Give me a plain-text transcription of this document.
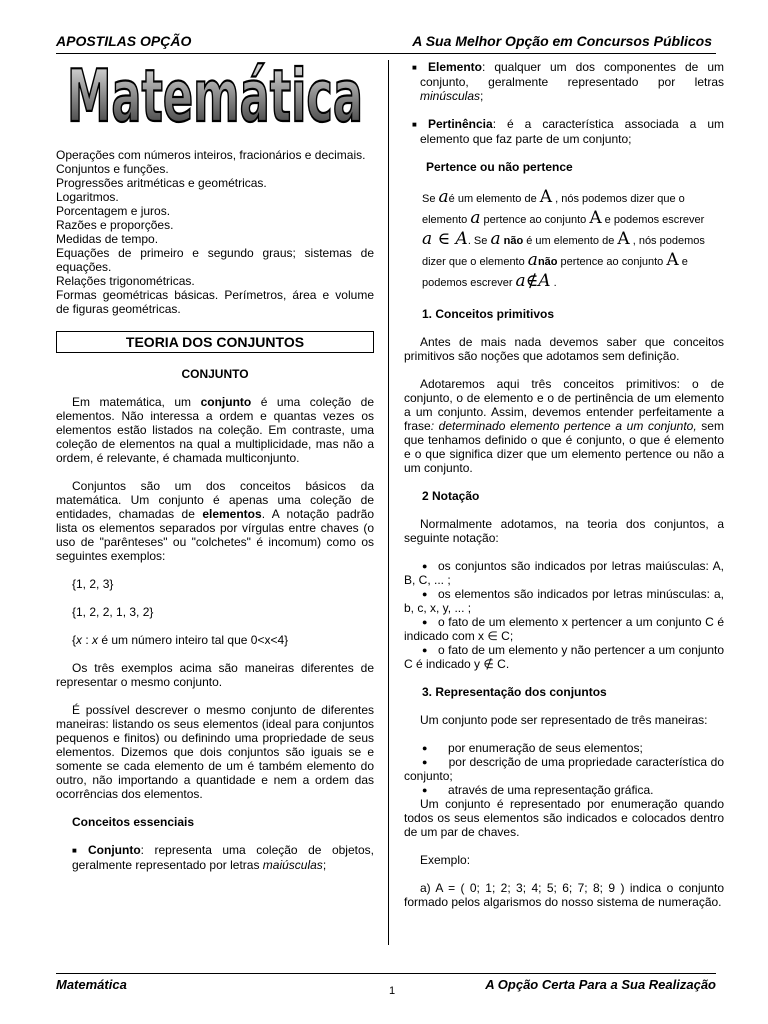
APOSTILAS OPÇÃO	A Sua Melhor Opção em Concursos Públicos
Matemática

Operações com números inteiros, fracionários e decimais.

Conjuntos e funções.

Progressões aritméticas e geométricas.

Logaritmos.

Porcentagem e juros.

Razões e proporções.

Medidas de tempo.

Equações de primeiro e segundo graus; sistemas de equações.

Relações trigonométricas.

Formas geométricas básicas. Perímetros, área e volume de figuras geométricas.

TEORIA DOS CONJUNTOS

CONJUNTO

Em matemática, um conjunto é uma coleção de elementos. Não interessa a ordem e quantas vezes os elementos estão listados na coleção. Em contraste, uma coleção de elementos na qual a multiplicidade, mas não a ordem, é relevante, é chamada multiconjunto.

Conjuntos são um dos conceitos básicos da matemática. Um conjunto é apenas uma coleção de entidades, chamadas de elementos. A notação padrão lista os elementos separados por vírgulas entre chaves (o uso de "parênteses" ou "colchetes" é incomum) como os seguintes exemplos:

{1, 2, 3}

{1, 2, 2, 1, 3, 2}

{x : x é um número inteiro tal que 0<x<4}

Os três exemplos acima são maneiras diferentes de representar o mesmo conjunto.

É possível descrever o mesmo conjunto de diferentes maneiras: listando os seus elementos (ideal para conjuntos pequenos e finitos) ou definindo uma propriedade de seus elementos. Dizemos que dois conjuntos são iguais se e somente se cada elemento de um é também elemento do outro, não importando a quantidade e nem a ordem das ocorrências dos elementos.

Conceitos essenciais

■ Conjunto: representa uma coleção de objetos, geralmente representado por letras maiúsculas;

■ Elemento: qualquer um dos componentes de um conjunto, geralmente representado por letras minúsculas;

■ Pertinência: é a característica associada a um elemento que faz parte de um conjunto;

Pertence ou não pertence

Se aé um elemento de A , nós podemos dizer que o
elemento a pertence ao conjunto A e podemos escrever
a ∈ A. Se a não é um elemento de A , nós podemos
dizer que o elemento anão pertence ao conjunto A e
podemos escrever a∉A .

1. Conceitos primitivos

Antes de mais nada devemos saber que conceitos primitivos são noções que adotamos sem definição.

Adotaremos aqui três conceitos primitivos: o de conjunto, o de elemento e o de pertinência de um elemento a um conjunto. Assim, devemos entender perfeitamente a frase: determinado elemento pertence a um conjunto, sem que tenhamos definido o que é conjunto, o que é elemento e o que significa dizer que um elemento pertence ou não a um conjunto.

2 Notação

Normalmente adotamos, na teoria dos conjuntos, a seguinte notação:

● os conjuntos são indicados por letras maiúsculas: A, B, C, ... ;

● os elementos são indicados por letras minúsculas: a, b, c, x, y, ... ;

● o fato de um elemento x pertencer a um conjunto C é indicado com x ∈ C;

● o fato de um elemento y não pertencer a um conjunto C é indicado y ∉ C.

3. Representação dos conjuntos

Um conjunto pode ser representado de três maneiras:

● por enumeração de seus elementos;

● por descrição de uma propriedade característica do conjunto;

● através de uma representação gráfica.

Um conjunto é representado por enumeração quando todos os seus elementos são indicados e colocados dentro de um par de chaves.

Exemplo:

a) A = ( 0; 1; 2; 3; 4; 5; 6; 7; 8; 9 ) indica o conjunto formado pelos algarismos do nosso sistema de numeração.

Matemática	1	A Opção Certa Para a Sua Realização
